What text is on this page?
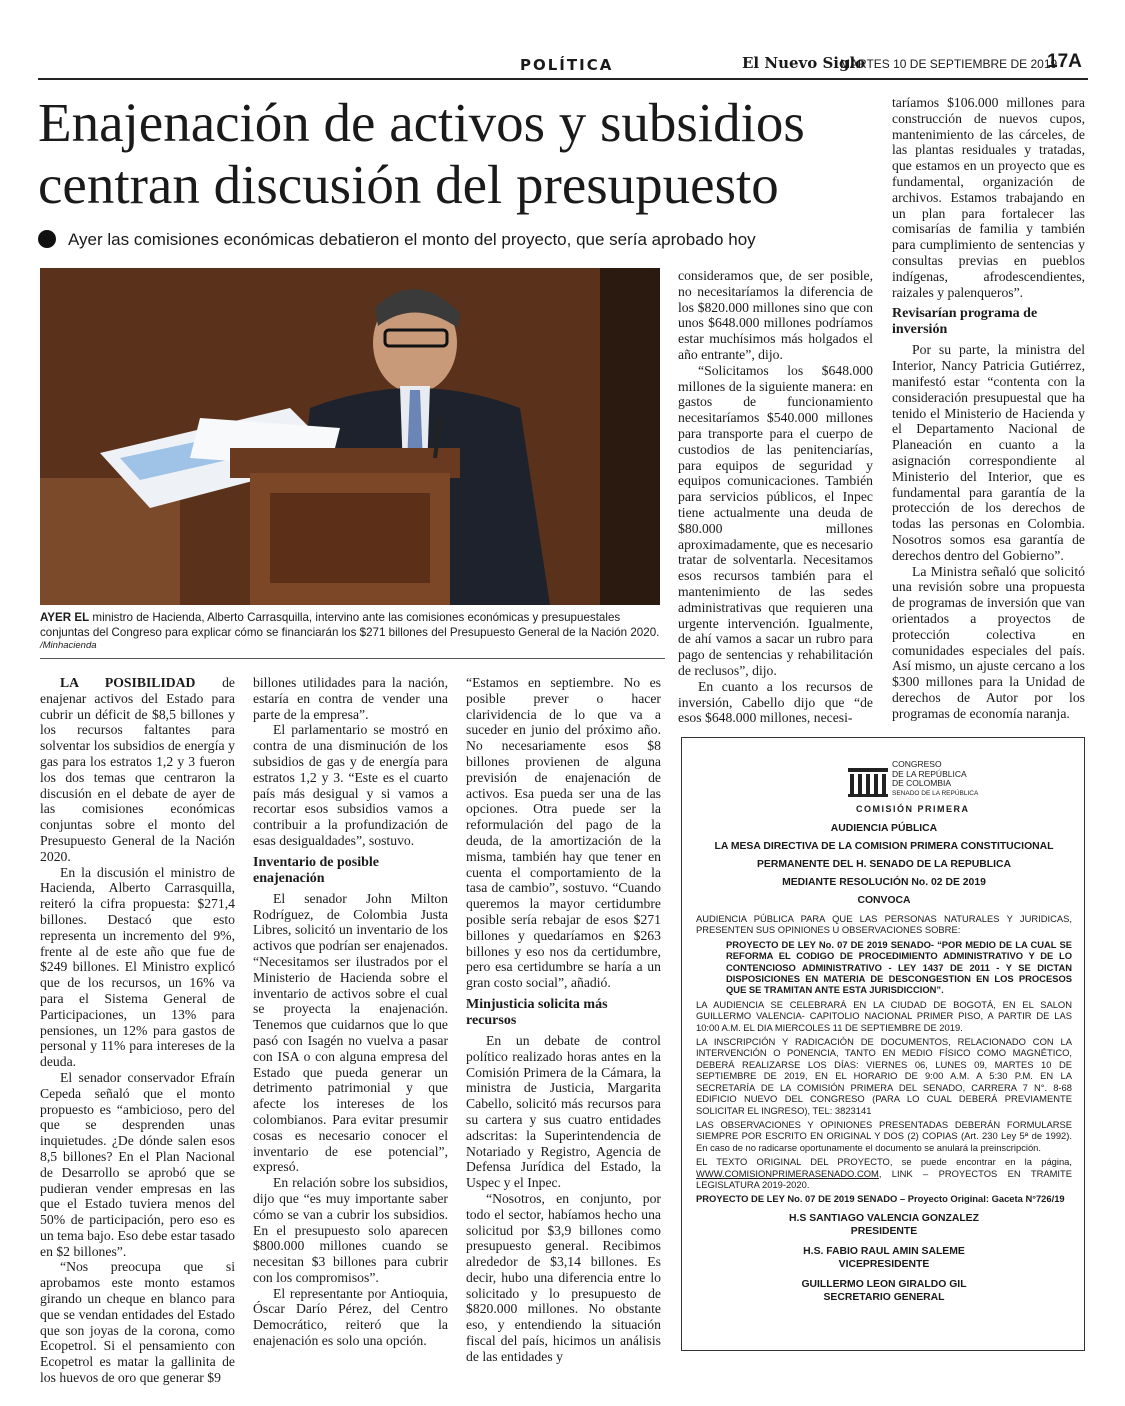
POLÍTICA	El Nuevo Siglo
MARTES 10 DE SEPTIEMBRE DE 2019
17A
Enajenación de activos y subsidios centran discusión del presupuesto
Ayer las comisiones económicas debatieron el monto del proyecto, que sería aprobado hoy
AYER EL ministro de Hacienda, Alberto Carrasquilla, intervino ante las comisiones económicas y presupuestales conjuntas del Congreso para explicar cómo se financiarán los $271 billones del Presupuesto General de la Nación 2020.
/Minhacienda

LA POSIBILIDAD de enajenar activos del Estado para cubrir un déficit de $8,5 billones y los recursos faltantes para solventar los subsidios de energía y gas para los estratos 1,2 y 3 fueron los dos temas que centraron la discusión en el debate de ayer de las comisiones económicas conjuntas sobre el monto del Presupuesto General de la Nación 2020.

En la discusión el ministro de Hacienda, Alberto Carrasquilla, reiteró la cifra propuesta: $271,4 billones. Destacó que esto representa un incremento del 9%, frente al de este año que fue de $249 billones. El Ministro explicó que de los recursos, un 16% va para el Sistema General de Participaciones, un 13% para pensiones, un 12% para gastos de personal y 11% para intereses de la deuda.

El senador conservador Efraín Cepeda señaló que el monto propuesto es “ambicioso, pero del que se desprenden unas inquietudes. ¿De dónde salen esos 8,5 billones? En el Plan Nacional de Desarrollo se aprobó que se pudieran vender empresas en las que el Estado tuviera menos del 50% de participación, pero eso es un tema bajo. Eso debe estar tasado en $2 billones”.

“Nos preocupa que si aprobamos este monto estamos girando un cheque en blanco para que se vendan entidades del Estado que son joyas de la corona, como Ecopetrol. Si el pensamiento con Ecopetrol es matar la gallinita de los huevos de oro que generar $9

billones utilidades para la nación, estaría en contra de vender una parte de la empresa”.

El parlamentario se mostró en contra de una disminución de los subsidios de gas y de energía para estratos 1,2 y 3. “Este es el cuarto país más desigual y si vamos a recortar esos subsidios vamos a contribuir a la profundización de esas desigualdades”, sostuvo.

Inventario de posible enajenación

El senador John Milton Rodríguez, de Colombia Justa Libres, solicitó un inventario de los activos que podrían ser enajenados. “Necesitamos ser ilustrados por el Ministerio de Hacienda sobre el inventario de activos sobre el cual se proyecta la enajenación. Tenemos que cuidarnos que lo que pasó con Isagén no vuelva a pasar con ISA o con alguna empresa del Estado que pueda generar un detrimento patrimonial y que afecte los intereses de los colombianos. Para evitar presumir cosas es necesario conocer el inventario de ese potencial”, expresó.

En relación sobre los subsidios, dijo que “es muy importante saber cómo se van a cubrir los subsidios. En el presupuesto solo aparecen $800.000 millones cuando se necesitan $3 billones para cubrir con los compromisos”.

El representante por Antioquia, Óscar Darío Pérez, del Centro Democrático, reiteró que la enajenación es solo una opción.

“Estamos en septiembre. No es posible prever o hacer clarividencia de lo que va a suceder en junio del próximo año. No necesariamente esos $8 billones provienen de alguna previsión de enajenación de activos. Esa pueda ser una de las opciones. Otra puede ser la reformulación del pago de la deuda, de la amortización de la misma, también hay que tener en cuenta el comportamiento de la tasa de cambio”, sostuvo. “Cuando queremos la mayor certidumbre posible sería rebajar de esos $271 billones y quedaríamos en $263 billones y eso nos da certidumbre, pero esa certidumbre se haría a un gran costo social”, añadió.

Minjusticia solicita más recursos

En un debate de control político realizado horas antes en la Comisión Primera de la Cámara, la ministra de Justicia, Margarita Cabello, solicitó más recursos para su cartera y sus cuatro entidades adscritas: la Superintendencia de Notariado y Registro, Agencia de Defensa Jurídica del Estado, la Uspec y el Inpec.

“Nosotros, en conjunto, por todo el sector, habíamos hecho una solicitud por $3,9 billones como presupuesto general. Recibimos alrededor de $3,14 billones. Es decir, hubo una diferencia entre lo solicitado y lo presupuesto de $820.000 millones. No obstante eso, y entendiendo la situación fiscal del país, hicimos un análisis de las entidades y

consideramos que, de ser posible, no necesitaríamos la diferencia de los $820.000 millones sino que con unos $648.000 millones podríamos estar muchísimos más holgados el año entrante”, dijo.

“Solicitamos los $648.000 millones de la siguiente manera: en gastos de funcionamiento necesitaríamos $540.000 millones para transporte para el cuerpo de custodios de las penitenciarías, para equipos de seguridad y equipos comunicaciones. También para servicios públicos, el Inpec tiene actualmente una deuda de $80.000 millones aproximadamente, que es necesario tratar de solventarla. Necesitamos esos recursos también para el mantenimiento de las sedes administrativas que requieren una urgente intervención. Igualmente, de ahí vamos a sacar un rubro para pago de sentencias y rehabilitación de reclusos”, dijo.

En cuanto a los recursos de inversión, Cabello dijo que “de esos $648.000 millones, necesi-

taríamos $106.000 millones para construcción de nuevos cupos, mantenimiento de las cárceles, de las plantas residuales y tratadas, que estamos en un proyecto que es fundamental, organización de archivos. Estamos trabajando en un plan para fortalecer las comisarías de familia y también para cumplimiento de sentencias y consultas previas en pueblos indígenas, afrodescendientes, raizales y palenqueros”.

Revisarían programa de inversión

Por su parte, la ministra del Interior, Nancy Patricia Gutiérrez, manifestó estar “contenta con la consideración presupuestal que ha tenido el Ministerio de Hacienda y el Departamento Nacional de Planeación en cuanto a la asignación correspondiente al Ministerio del Interior, que es fundamental para garantía de la protección de los derechos de todas las personas en Colombia. Nosotros somos esa garantía de derechos dentro del Gobierno”.

La Ministra señaló que solicitó una revisión sobre una propuesta de programas de inversión que van orientados a proyectos de protección colectiva en comunidades especiales del país. Así mismo, un ajuste cercano a los $300 millones para la Unidad de derechos de Autor por los programas de economía naranja.

CONGRESO
DE LA REPÚBLICA
DE COLOMBIA
SENADO DE LA REPÚBLICA
COMISIÓN PRIMERA
AUDIENCIA PÚBLICA
LA MESA DIRECTIVA DE LA COMISION PRIMERA CONSTITUCIONAL
PERMANENTE DEL H. SENADO DE LA REPUBLICA
MEDIANTE RESOLUCIÓN No. 02 DE 2019
CONVOCA
AUDIENCIA PÚBLICA PARA QUE LAS PERSONAS NATURALES Y JURIDICAS, PRESENTEN SUS OPINIONES U OBSERVACIONES SOBRE:
PROYECTO DE LEY No. 07 DE 2019 SENADO- “POR MEDIO DE LA CUAL SE REFORMA EL CODIGO DE PROCEDIMIENTO ADMINISTRATIVO Y DE LO CONTENCIOSO ADMINISTRATIVO - LEY 1437 DE 2011 - Y SE DICTAN DISPOSICIONES EN MATERIA DE DESCONGESTION EN LOS PROCESOS QUE SE TRAMITAN ANTE ESTA JURISDICCION”.
LA AUDIENCIA SE CELEBRARÁ EN LA CIUDAD DE BOGOTÁ, EN EL SALON GUILLERMO VALENCIA- CAPITOLIO NACIONAL PRIMER PISO, A PARTIR DE LAS 10:00 A.M. EL DIA MIERCOLES 11 DE SEPTIEMBRE DE 2019.
LA INSCRIPCIÓN Y RADICACIÓN DE DOCUMENTOS, RELACIONADO CON LA INTERVENCIÓN O PONENCIA, TANTO EN MEDIO FÍSICO COMO MAGNÉTICO, DEBERÁ REALIZARSE LOS DÍAS: VIERNES 06, LUNES 09, MARTES 10 DE SEPTIEMBRE DE 2019, EN EL HORARIO DE 9:00 A.M. A 5:30 P.M. EN LA SECRETARÍA DE LA COMISIÓN PRIMERA DEL SENADO, CARRERA 7 N°. 8-68 EDIFICIO NUEVO DEL CONGRESO (PARA LO CUAL DEBERÁ PREVIAMENTE SOLICITAR EL INGRESO), TEL: 3823141
LAS OBSERVACIONES Y OPINIONES PRESENTADAS DEBERÁN FORMULARSE SIEMPRE POR ESCRITO EN ORIGINAL Y DOS (2) COPIAS (Art. 230 Ley 5ª de 1992). En caso de no radicarse oportunamente el documento se anulará la preinscripción.
EL TEXTO ORIGINAL DEL PROYECTO, se puede encontrar en la página, WWW.COMISIONPRIMERASENADO.COM, LINK – PROYECTOS EN TRAMITE LEGISLATURA 2019-2020.
PROYECTO DE LEY No. 07 DE 2019 SENADO – Proyecto Original: Gaceta N°726/19
H.S SANTIAGO VALENCIA GONZALEZ
PRESIDENTE
H.S. FABIO RAUL AMIN SALEME
VICEPRESIDENTE
GUILLERMO LEON GIRALDO GIL
SECRETARIO GENERAL
